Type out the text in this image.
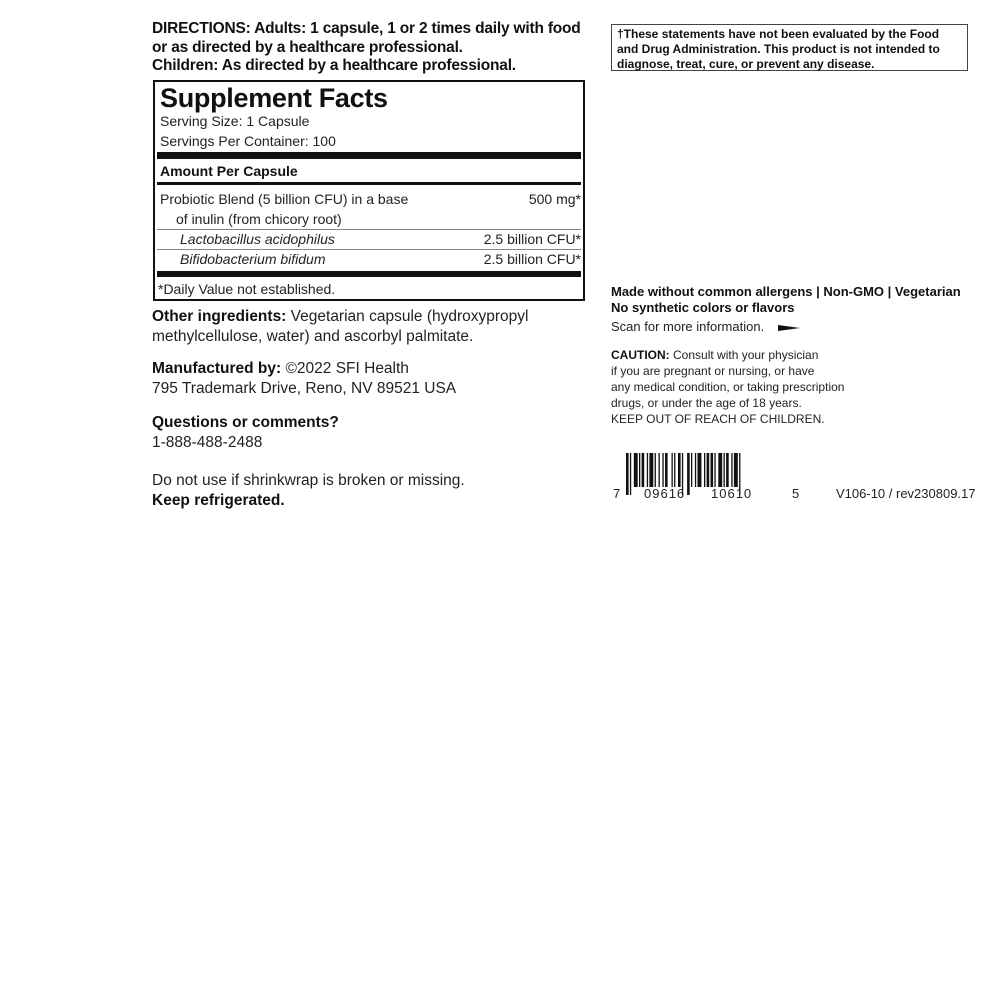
DIRECTIONS: Adults: 1 capsule, 1 or 2 times daily with food
or as directed by a healthcare professional.
Children: As directed by a healthcare professional.
Supplement Facts
Serving Size: 1 Capsule
Servings Per Container: 100
Amount Per Capsule
Probiotic Blend (5 billion CFU) in a base	500 mg*
of inulin (from chicory root)
Lactobacillus acidophilus	2.5 billion CFU*
Bifidobacterium bifidum	2.5 billion CFU*
*Daily Value not established.
Other ingredients: Vegetarian capsule (hydroxypropyl
methylcellulose, water) and ascorbyl palmitate.
Manufactured by: ©2022 SFI Health
795 Trademark Drive, Reno, NV 89521 USA
Questions or comments?
1-888-488-2488
Do not use if shrinkwrap is broken or missing.
Keep refrigerated.
†These statements have not been evaluated by the Food and Drug Administration. This product is not intended to diagnose, treat, cure, or prevent any disease.
Made without common allergens | Non-GMO | Vegetarian
No synthetic colors or flavors
Scan for more information.
CAUTION: Consult with your physician
if you are pregnant or nursing, or have
any medical condition, or taking prescription
drugs, or under the age of 18 years.
KEEP OUT OF REACH OF CHILDREN.
7 09616 10610	5	V106-10 / rev230809.17
